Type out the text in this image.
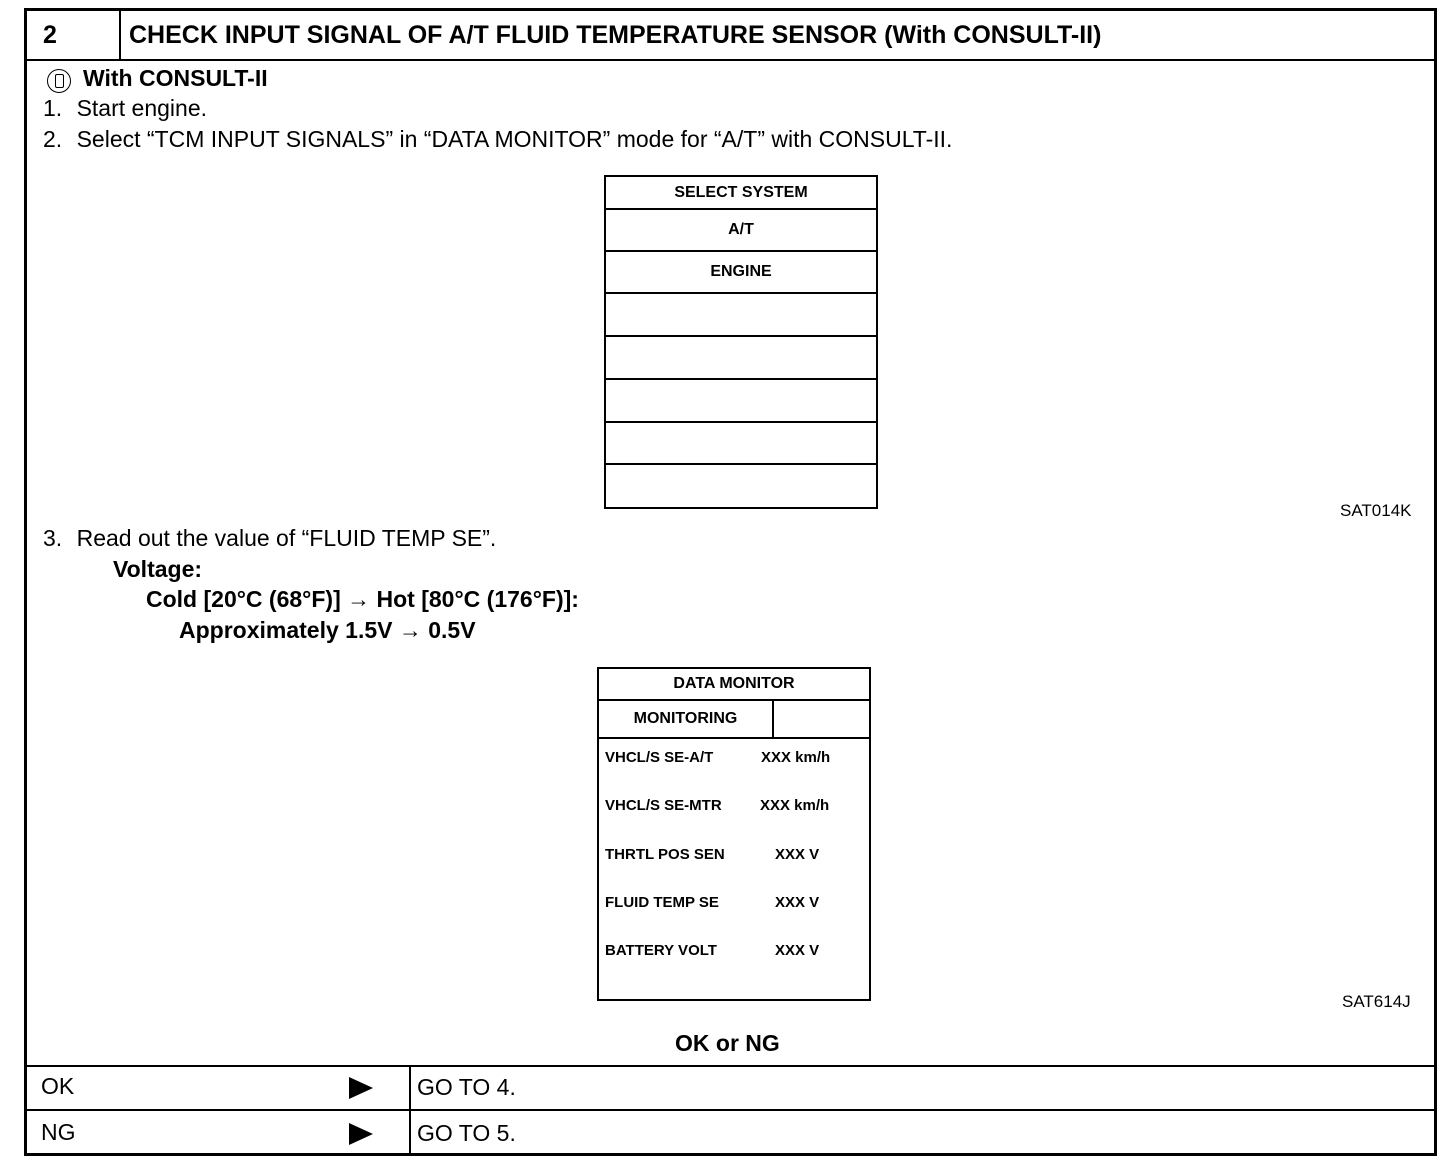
2	CHECK INPUT SIGNAL OF A/T FLUID TEMPERATURE SENSOR (With CONSULT-II)
With CONSULT-II
1. Start engine.
2. Select “TCM INPUT SIGNALS” in “DATA MONITOR” mode for “A/T” with CONSULT-II.
SELECT SYSTEM
A/T
ENGINE
SAT014K
3. Read out the value of “FLUID TEMP SE”.
Voltage:
Cold [20°C (68°F)] → Hot [80°C (176°F)]:
Approximately 1.5V → 0.5V
DATA MONITOR
MONITORING
VHCL/S SE-A/T	XXX km/h
VHCL/S SE-MTR	XXX km/h
THRTL POS SEN	XXX V
FLUID TEMP SE	XXX V
BATTERY VOLT	XXX V
SAT614J
OK or NG
OK	GO TO 4.
NG	GO TO 5.
